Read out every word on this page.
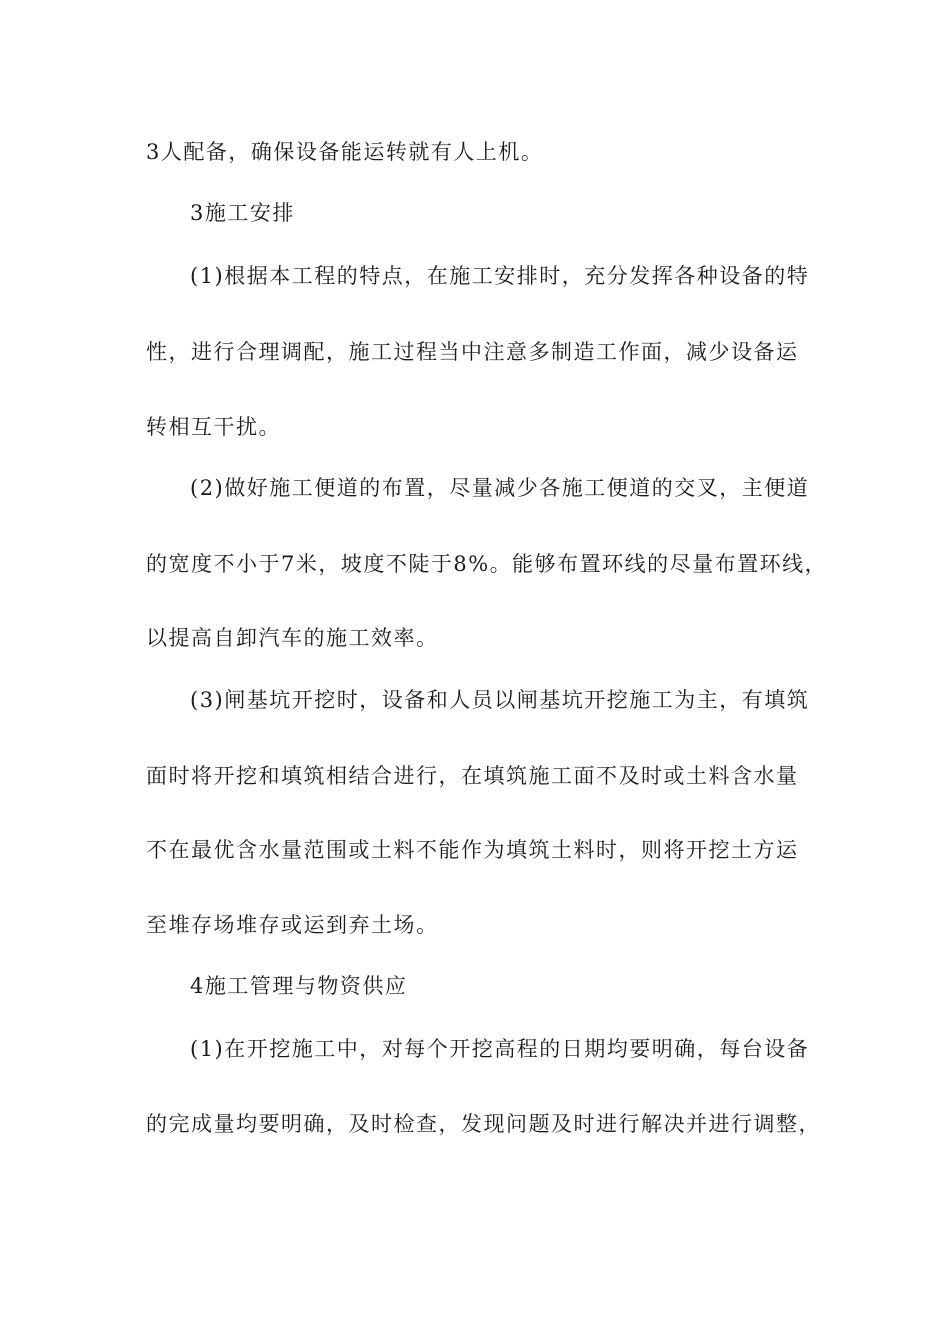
3人配备，确保设备能运转就有人上机。
3施工安排
(1)根据本工程的特点，在施工安排时，充分发挥各种设备的特
性，进行合理调配，施工过程当中注意多制造工作面，减少设备运
转相互干扰。
(2)做好施工便道的布置，尽量减少各施工便道的交叉，主便道
的宽度不小于7米，坡度不陡于8%。能够布置环线的尽量布置环线，
以提高自卸汽车的施工效率。
(3)闸基坑开挖时，设备和人员以闸基坑开挖施工为主，有填筑
面时将开挖和填筑相结合进行，在填筑施工面不及时或土料含水量
不在最优含水量范围或土料不能作为填筑土料时，则将开挖土方运
至堆存场堆存或运到弃土场。
4施工管理与物资供应
(1)在开挖施工中，对每个开挖高程的日期均要明确，每台设备
的完成量均要明确，及时检查，发现问题及时进行解决并进行调整，
